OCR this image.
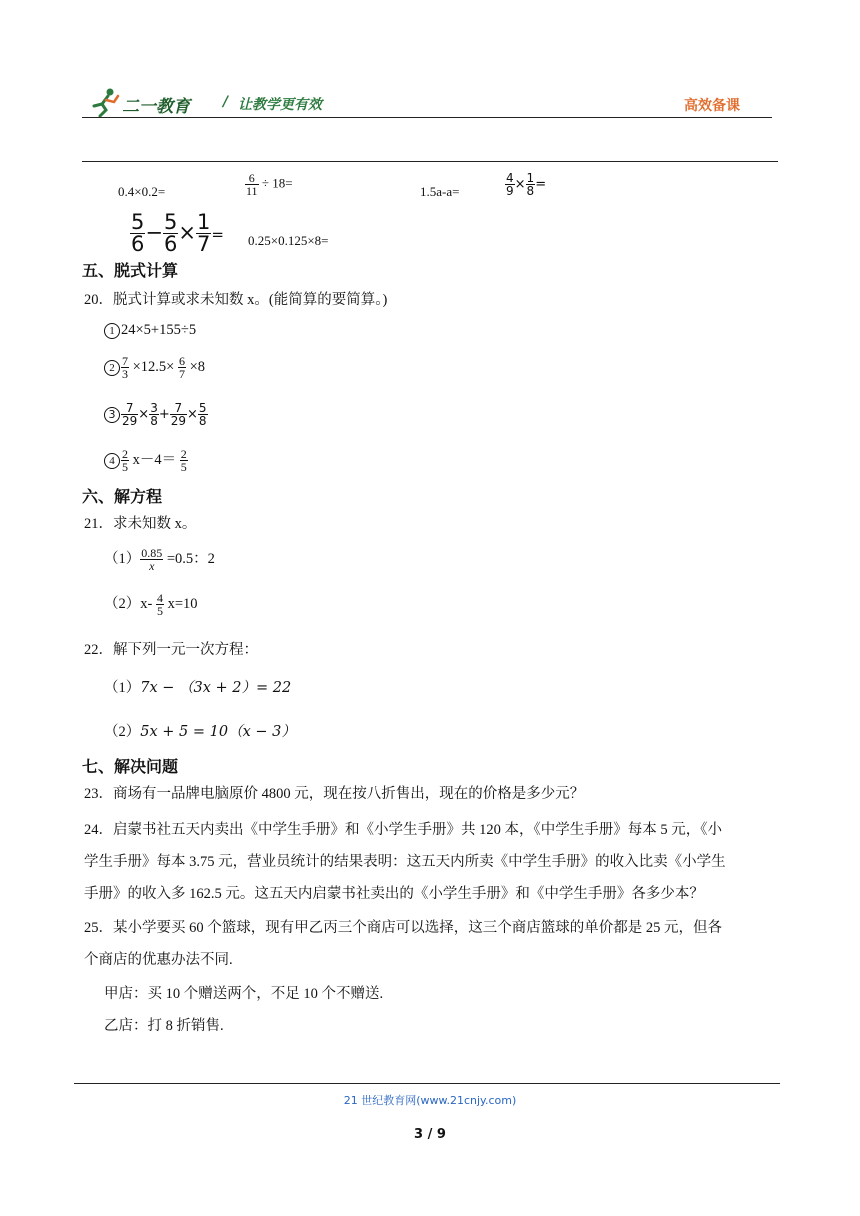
二一教育 / 让教学更有效	高效备课
0.4×0.2=	$\frac{6}{11} \div 18=$
1.5a-a=	$\frac{4}{9} \times \frac{1}{8}$ =
$\frac{5}{6} - \frac{5}{6} \times \frac{1}{7} = 0.25\times 0.125\times 8=$
五、脱式计算
20．脱式计算或求未知数 x。(能简算的要简算。)
1 24×5+155÷5
$2 \frac{7}{3} \times 12.5\times \frac{6}{7} \times 8$
$3 \frac{7}{29} \times \frac{3}{8} + \frac{7}{29} \times \frac{5}{8}$
$4 \frac{2}{5} x-4= \frac{2}{5}$
六、解方程
21．求未知数 x。
$(1) \frac{0.85}{x} =0.5$：2
$(2)x- \frac{4}{5} x=10$
22．解下列一元一次方程：
（1）7x − （3x + 2）= 22
（2）5x + 5 = 10（x − 3）
七、解决问题
23．商场有一品牌电脑原价 4800 元，现在按八折售出，现在的价格是多少元？
24．启蒙书社五天内卖出《中学生手册》和《小学生手册》共 120 本，《中学生手册》每本 5 元，《小
学生手册》每本 3.75 元，营业员统计的结果表明：这五天内所卖《中学生手册》的收入比卖《小学生
手册》的收入多 162.5 元。这五天内启蒙书社卖出的《小学生手册》和《中学生手册》各多少本？
25．某小学要买 60 个篮球，现有甲乙丙三个商店可以选择，这三个商店篮球的单价都是 25 元，但各
个商店的优惠办法不同.
甲店：买 10 个赠送两个，不足 10 个不赠送.
乙店：打 8 折销售.
21 世纪教育网(www.21cnjy.com)
3 / 9
